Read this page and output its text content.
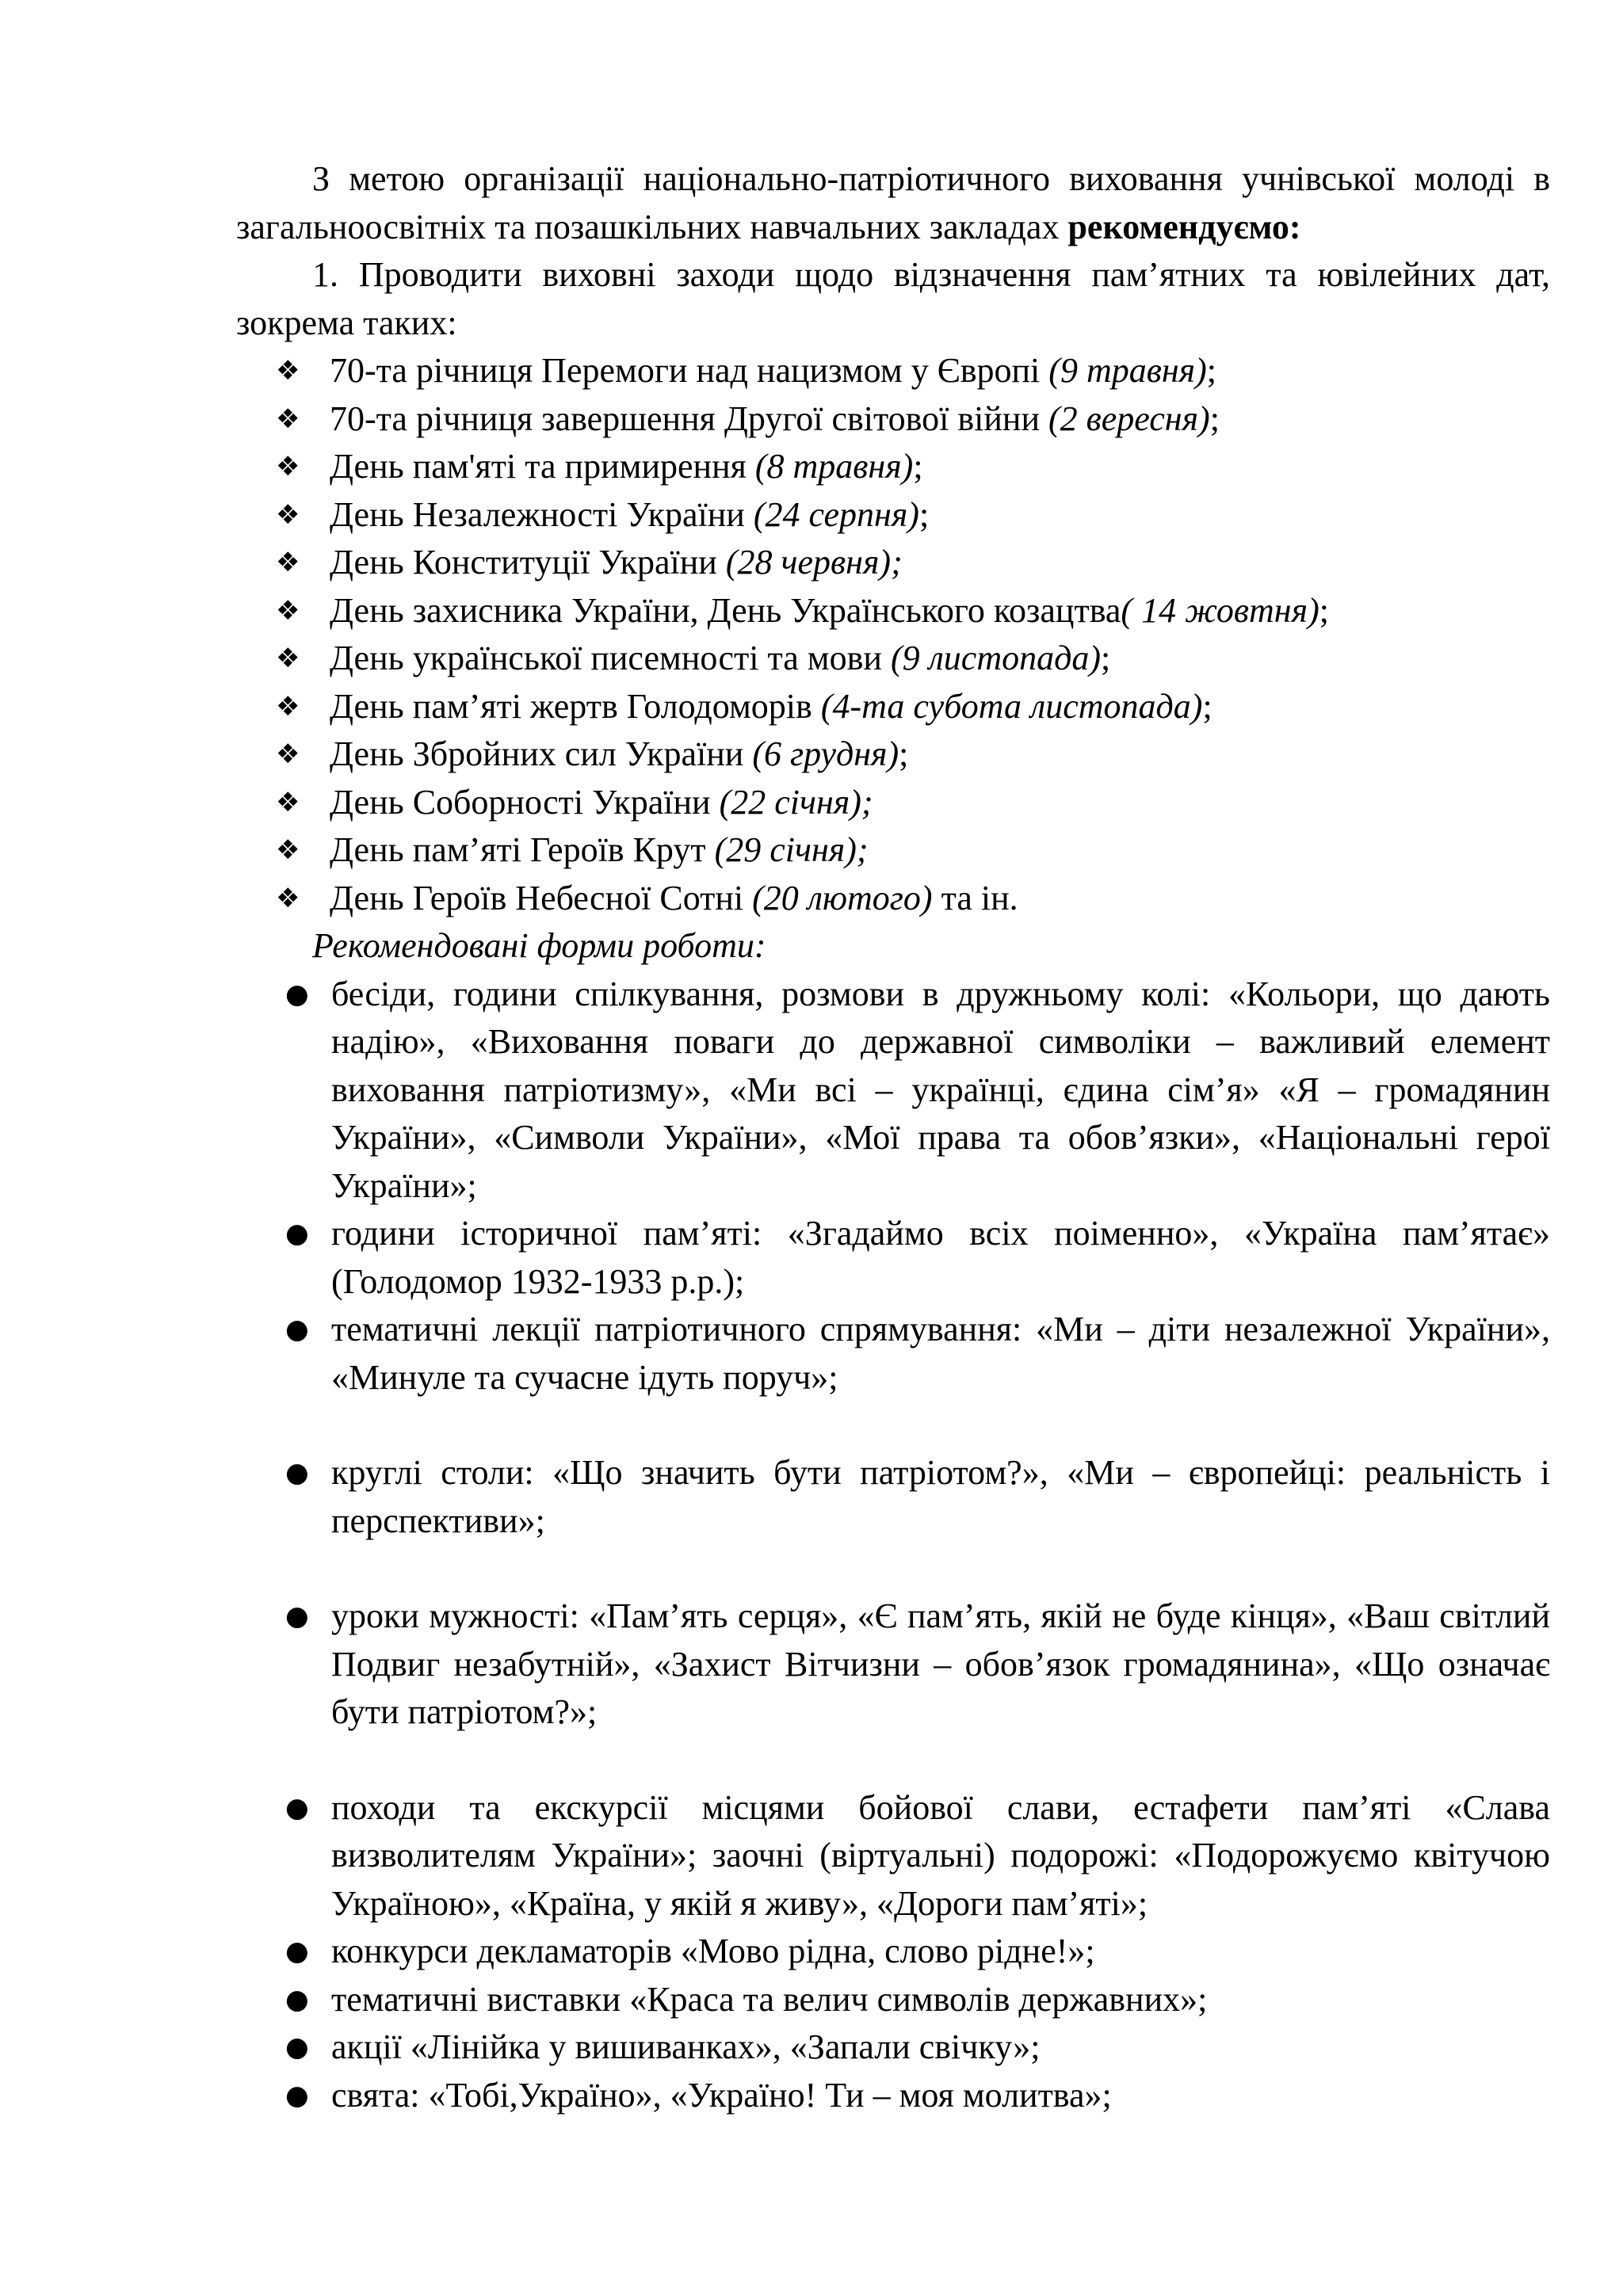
З метою організації національно-патріотичного виховання учнівської молоді в загальноосвітніх та позашкільних навчальних закладах рекомендуємо:

1. Проводити виховні заходи щодо відзначення пам’ятних та ювілейних дат, зокрема таких:

❖ 70-та річниця Перемоги над нацизмом у Європі (9 травня);
❖ 70-та річниця завершення Другої світової війни (2 вересня);
❖ День пам'яті та примирення (8 травня);
❖ День Незалежності України (24 серпня);
❖ День Конституції України (28 червня);
❖ День захисника України, День Українського козацтва( 14 жовтня);
❖ День української писемності та мови (9 листопада);
❖ День пам’яті жертв Голодоморів (4-та субота листопада);
❖ День Збройних сил України (6 грудня);
❖ День Соборності України (22 січня);
❖ День пам’яті Героїв Крут (29 січня);
❖ День Героїв Небесної Сотні (20 лютого) та ін.

Рекомендовані форми роботи:

● бесіди, години спілкування, розмови в дружньому колі: «Кольори, що дають надію», «Виховання поваги до державної символіки – важливий елемент виховання патріотизму», «Ми всі – українці, єдина сім’я» «Я – громадянин України», «Символи України», «Мої права та обов’язки», «Національні герої України»;
● години історичної пам’яті: «Згадаймо всіх поіменно», «Україна пам’ятає» (Голодомор 1932-1933 р.р.);
● тематичні лекції патріотичного спрямування: «Ми – діти незалежної України», «Минуле та сучасне ідуть поруч»;
● круглі столи: «Що значить бути патріотом?», «Ми – європейці: реальність і перспективи»;
● уроки мужності: «Пам’ять серця», «Є пам’ять, якій не буде кінця», «Ваш світлий Подвиг незабутній», «Захист Вітчизни – обов’язок громадянина», «Що означає бути патріотом?»;
● походи та екскурсії місцями бойової слави, естафети пам’яті «Слава визволителям України»; заочні (віртуальні) подорожі: «Подорожуємо квітучою Україною», «Країна, у якій я живу», «Дороги пам’яті»;
● конкурси декламаторів «Мово рідна, слово рідне!»;
● тематичні виставки «Краса та велич символів державних»;
● акції «Лінійка у вишиванках», «Запали свічку»;
● свята: «Тобі,Україно», «Україно! Ти – моя молитва»;
